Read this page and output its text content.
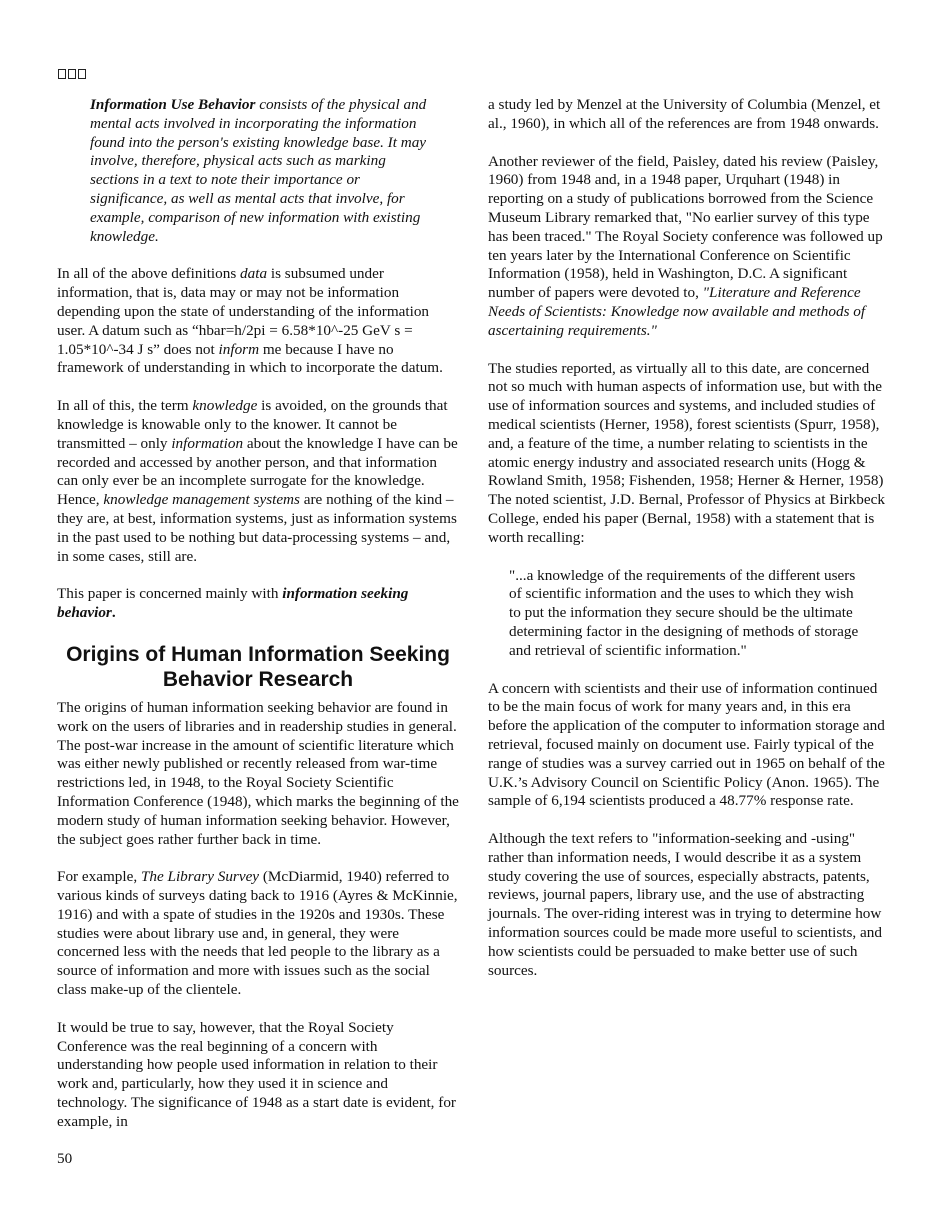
Information Use Behavior consists of the physical and mental acts involved in incorporating the information found into the person's existing knowledge base. It may involve, therefore, physical acts such as marking sections in a text to note their importance or significance, as well as mental acts that involve, for example, comparison of new information with existing knowledge.

In all of the above definitions data is subsumed under information, that is, data may or may not be information depending upon the state of understanding of the information user. A datum such as “hbar=h/2pi = 6.58*10^-25 GeV s = 1.05*10^-34 J s” does not inform me because I have no framework of understanding in which to incorporate the datum.

In all of this, the term knowledge is avoided, on the grounds that knowledge is knowable only to the knower. It cannot be transmitted – only information about the knowledge I have can be recorded and accessed by another person, and that information can only ever be an incomplete surrogate for the knowledge. Hence, knowledge management systems are nothing of the kind – they are, at best, information systems, just as information systems in the past used to be nothing but data-processing systems – and, in some cases, still are.

This paper is concerned mainly with information seeking behavior.

Origins of Human Information Seeking Behavior Research

The origins of human information seeking behavior are found in work on the users of libraries and in readership studies in general. The post-war increase in the amount of scientific literature which was either newly published or recently released from war-time restrictions led, in 1948, to the Royal Society Scientific Information Conference (1948), which marks the beginning of the modern study of human information seeking behavior. However, the subject goes rather further back in time.

For example, The Library Survey (McDiarmid, 1940) referred to various kinds of surveys dating back to 1916 (Ayres & McKinnie, 1916) and with a spate of studies in the 1920s and 1930s. These studies were about library use and, in general, they were concerned less with the needs that led people to the library as a source of information and more with issues such as the social class make-up of the clientele.

It would be true to say, however, that the Royal Society Conference was the real beginning of a concern with understanding how people used information in relation to their work and, particularly, how they used it in science and technology. The significance of 1948 as a start date is evident, for example, in

a study led by Menzel at the University of Columbia (Menzel, et al., 1960), in which all of the references are from 1948 onwards.

Another reviewer of the field, Paisley, dated his review (Paisley, 1960) from 1948 and, in a 1948 paper, Urquhart (1948) in reporting on a study of publications borrowed from the Science Museum Library remarked that, "No earlier survey of this type has been traced." The Royal Society conference was followed up ten years later by the International Conference on Scientific Information (1958), held in Washington, D.C. A significant number of papers were devoted to, "Literature and Reference Needs of Scientists: Knowledge now available and methods of ascertaining requirements."

The studies reported, as virtually all to this date, are concerned not so much with human aspects of information use, but with the use of information sources and systems, and included studies of medical scientists (Herner, 1958), forest scientists (Spurr, 1958), and, a feature of the time, a number relating to scientists in the atomic energy industry and associated research units (Hogg & Rowland Smith, 1958; Fishenden, 1958; Herner & Herner, 1958) The noted scientist, J.D. Bernal, Professor of Physics at Birkbeck College, ended his paper (Bernal, 1958) with a statement that is worth recalling:

"...a knowledge of the requirements of the different users of scientific information and the uses to which they wish to put the information they secure should be the ultimate determining factor in the designing of methods of storage and retrieval of scientific information."

A concern with scientists and their use of information continued to be the main focus of work for many years and, in this era before the application of the computer to information storage and retrieval, focused mainly on document use. Fairly typical of the range of studies was a survey carried out in 1965 on behalf of the U.K.’s Advisory Council on Scientific Policy (Anon. 1965). The sample of 6,194 scientists produced a 48.77% response rate.

Although the text refers to "information-seeking and -using" rather than information needs, I would describe it as a system study covering the use of sources, especially abstracts, patents, reviews, journal papers, library use, and the use of abstracting journals. The over-riding interest was in trying to determine how information sources could be made more useful to scientists, and how scientists could be persuaded to make better use of such sources.

50
